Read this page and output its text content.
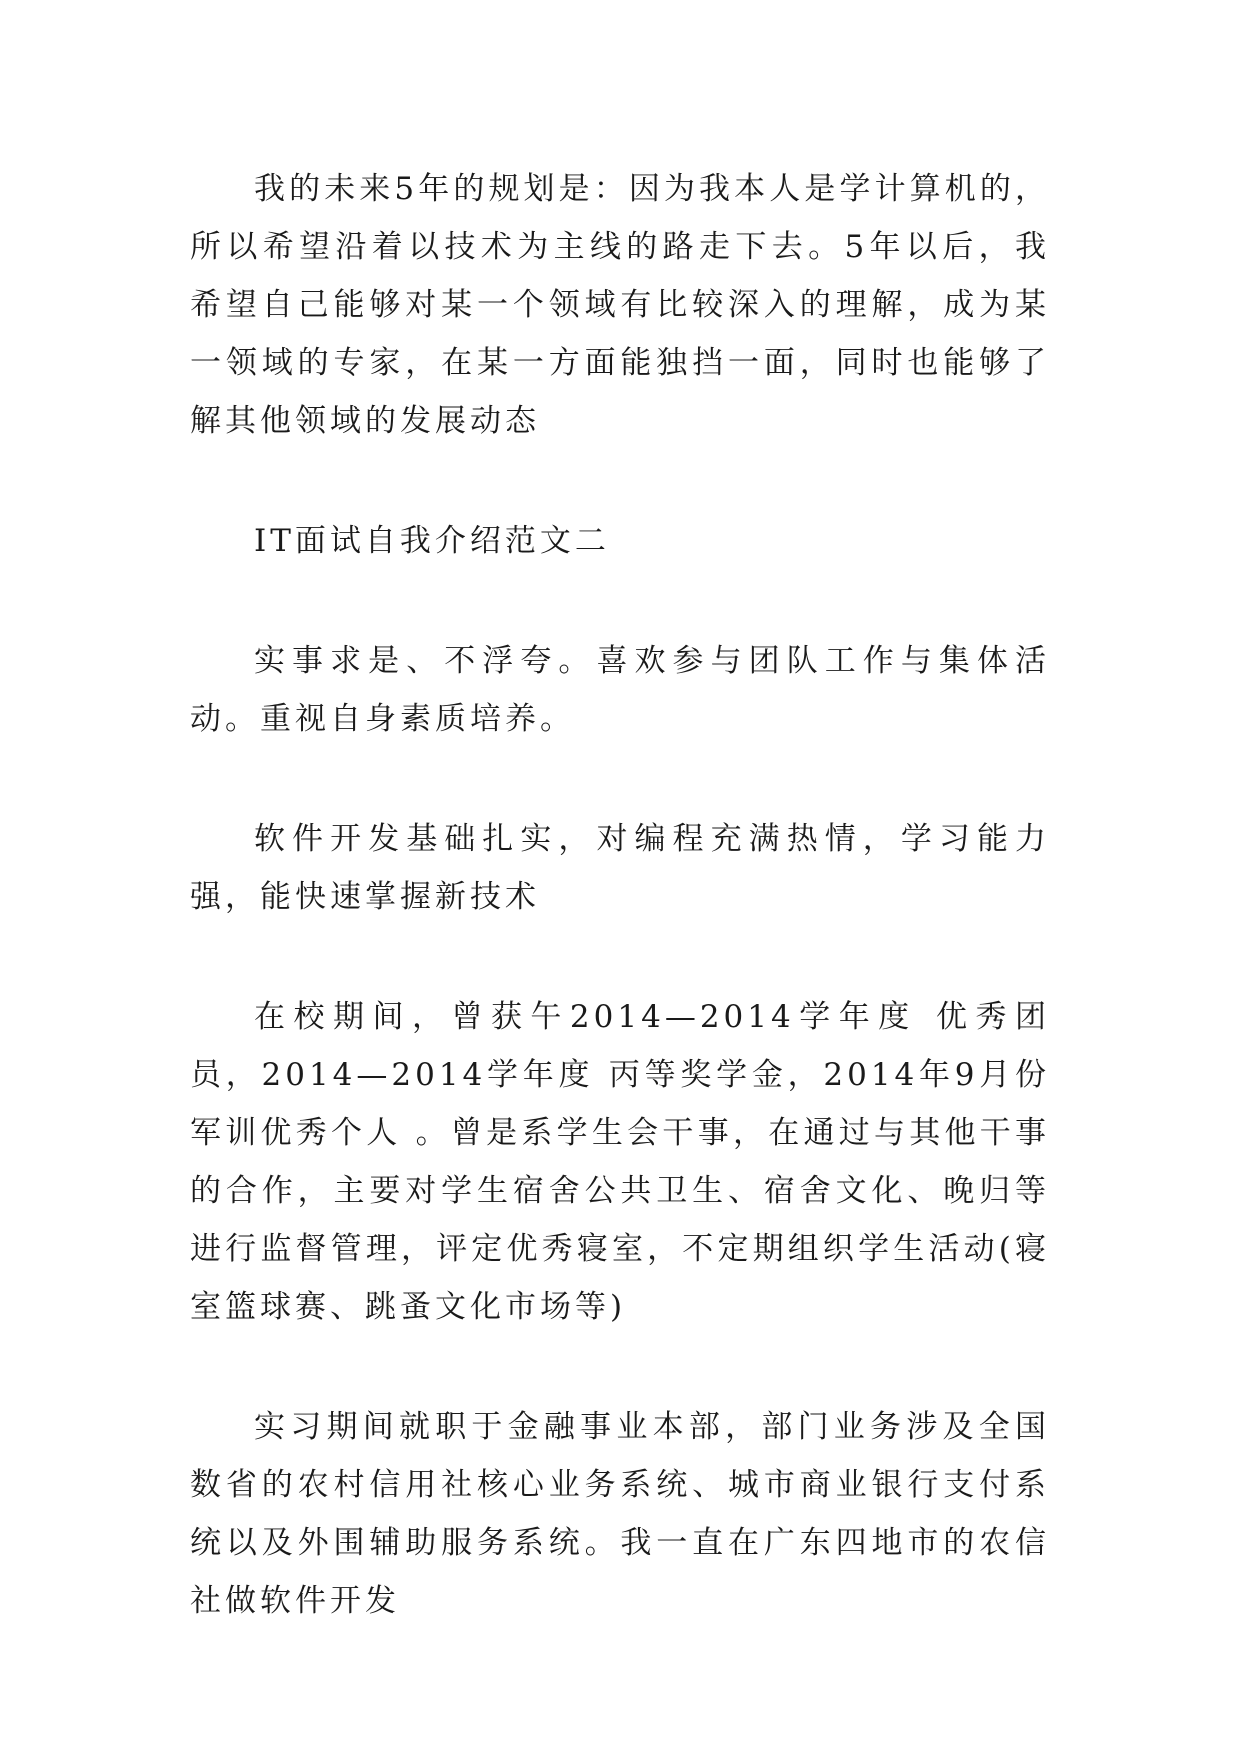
我的未来5年的规划是：因为我本人是学计算机的，所以希望沿着以技术为主线的路走下去。5年以后，我希望自己能够对某一个领域有比较深入的理解，成为某一领域的专家，在某一方面能独挡一面，同时也能够了解其他领域的发展动态

IT面试自我介绍范文二

实事求是、不浮夸。喜欢参与团队工作与集体活动。重视自身素质培养。

软件开发基础扎实，对编程充满热情，学习能力强，能快速掌握新技术

在校期间，曾获午2014—2014学年度 优秀团员，2014—2014学年度 丙等奖学金，2014年9月份 军训优秀个人 。曾是系学生会干事，在通过与其他干事的合作，主要对学生宿舍公共卫生、宿舍文化、晚归等进行监督管理，评定优秀寝室，不定期组织学生活动(寝室篮球赛、跳蚤文化市场等)

实习期间就职于金融事业本部，部门业务涉及全国数省的农村信用社核心业务系统、城市商业银行支付系统以及外围辅助服务系统。我一直在广东四地市的农信社做软件开发
